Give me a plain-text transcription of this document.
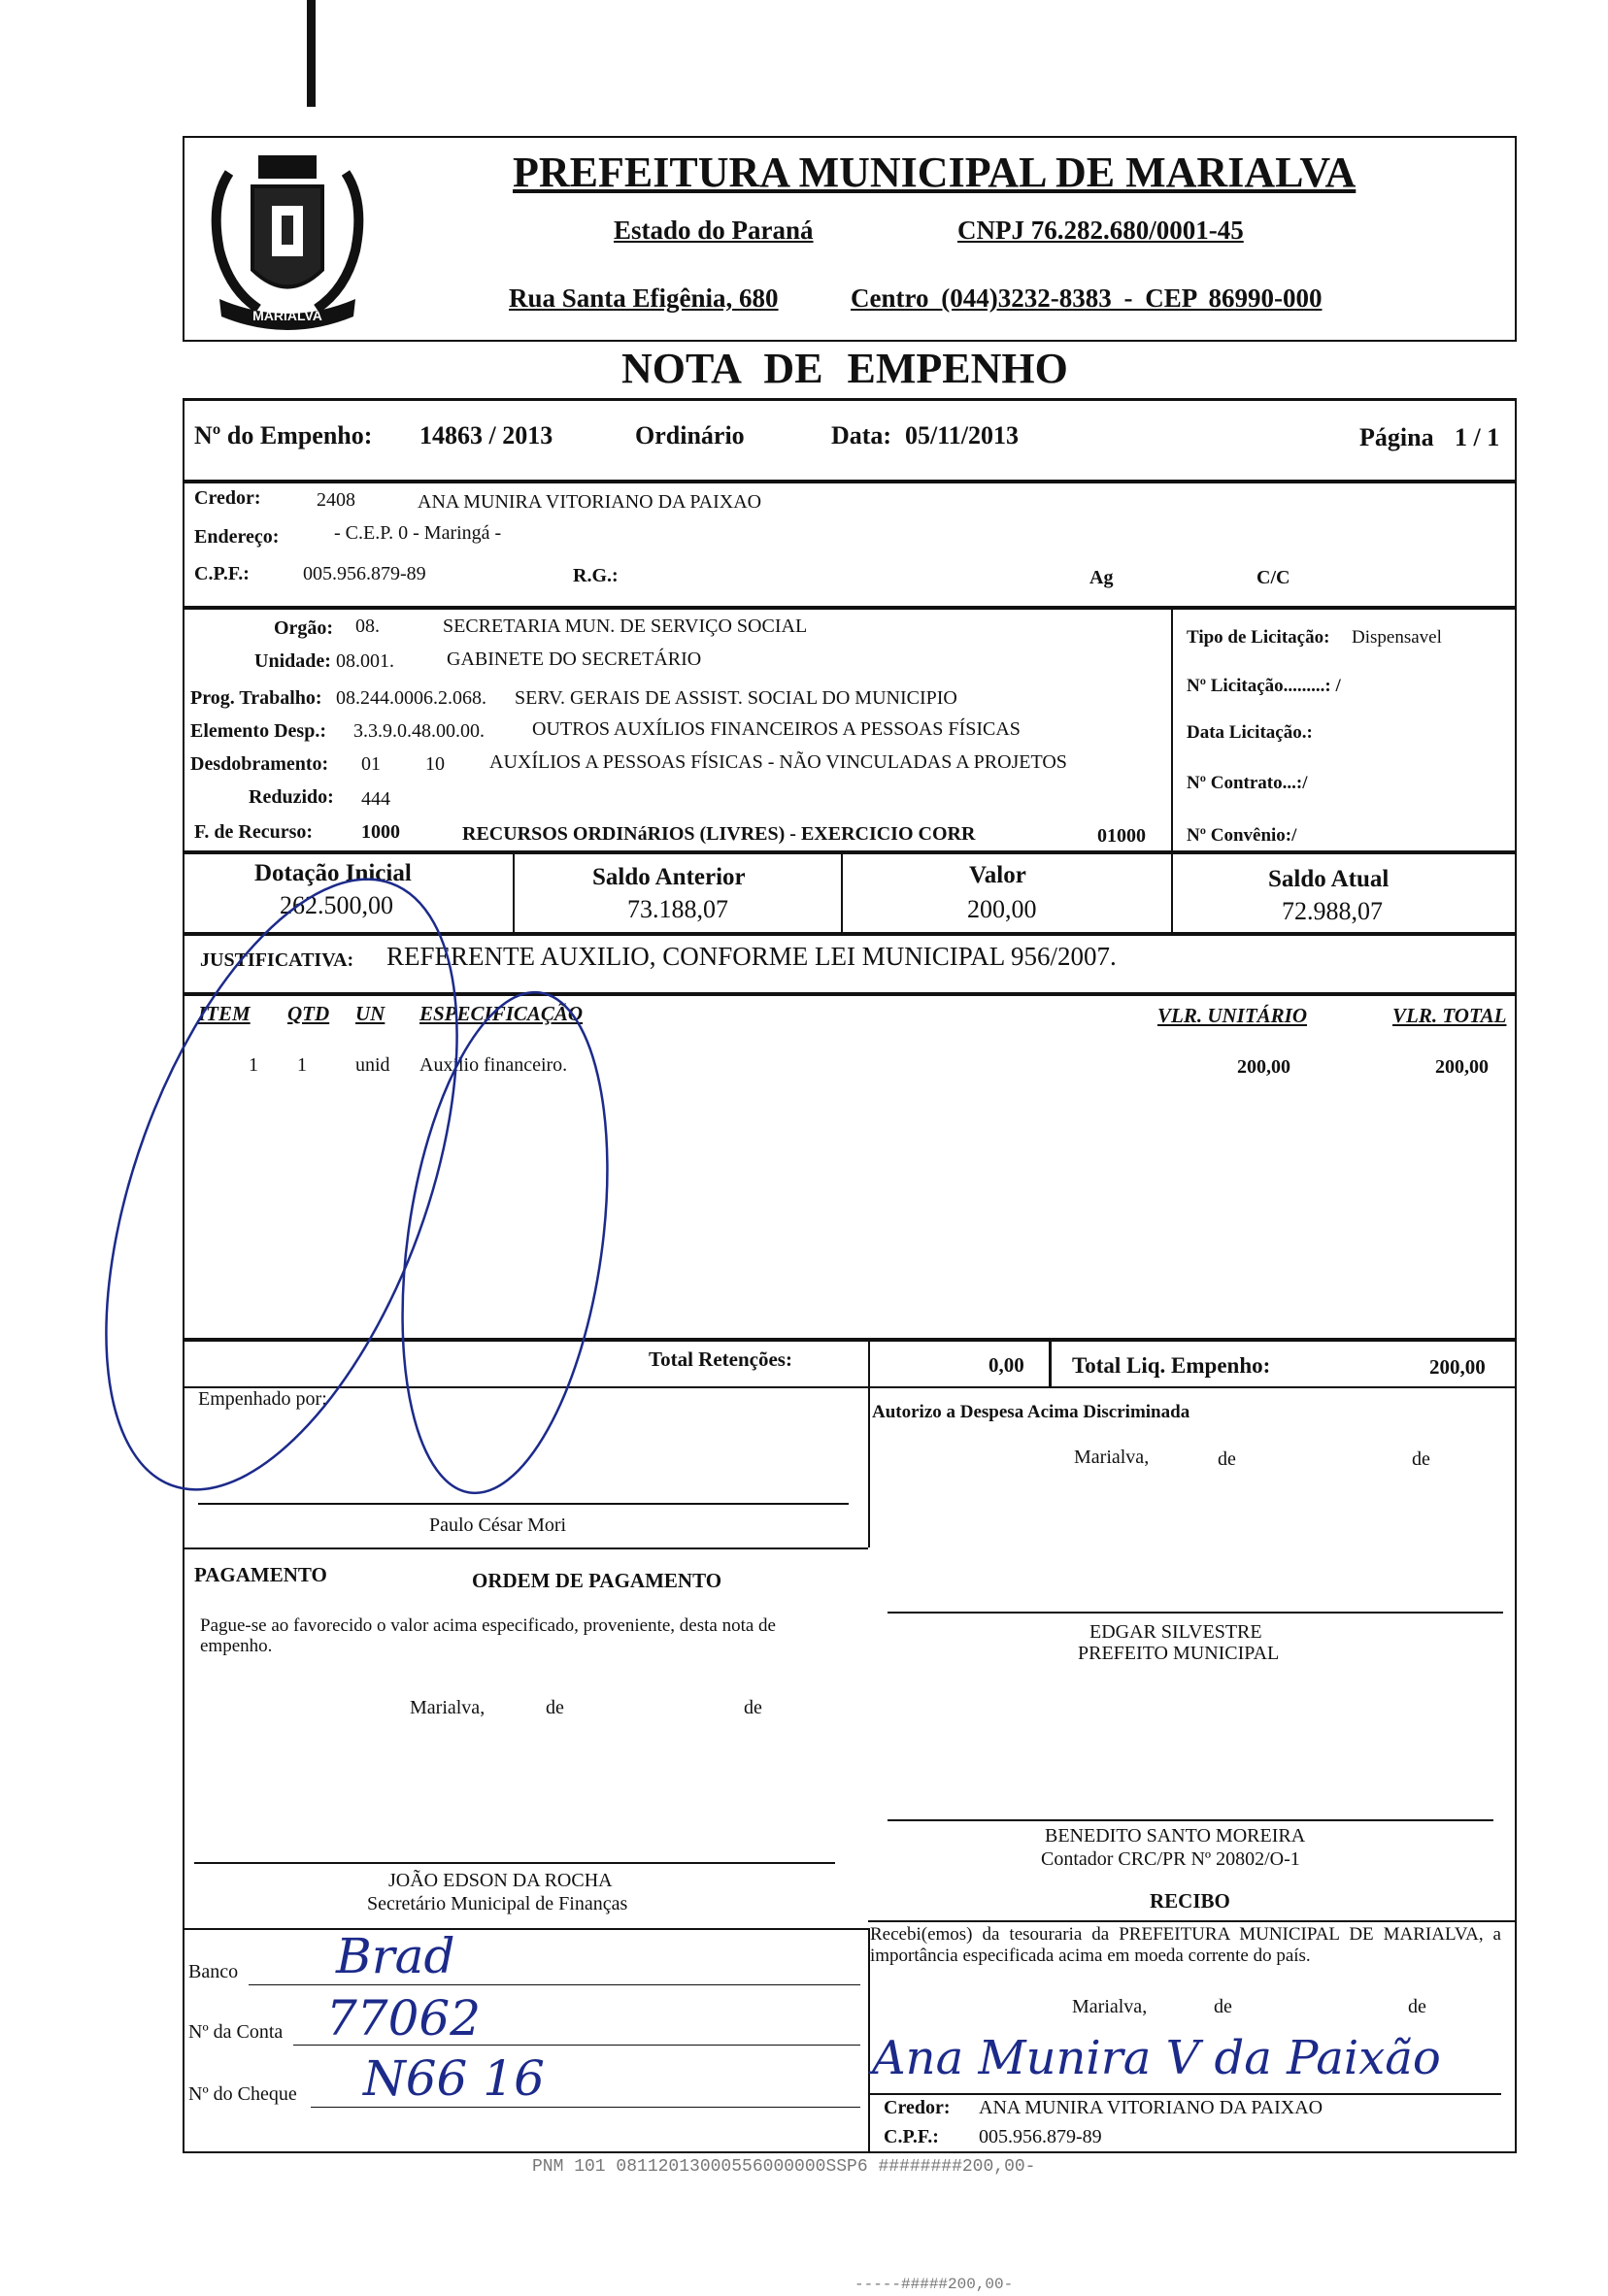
MARIALVA
PREFEITURA MUNICIPAL DE MARIALVA
Estado do Paraná	CNPJ 76.282.680/0001-45
Rua Santa Efigênia, 680	Centro (044)3232-8383 - CEP 86990-000
NOTA DE EMPENHO
Nº do Empenho: 14863 / 2013	Ordinário	Data: 05/11/2013	Página 1 / 1
Credor:	2408	ANA MUNIRA VITORIANO DA PAIXAO
Endereço:	- C.E.P. 0 - Maringá -
C.P.F.:	005.956.879-89	R.G.:	Ag	C/C
Orgão: 08.	SECRETARIA MUN. DE SERVIÇO SOCIAL
Unidade: 08.001.	GABINETE DO SECRETÁRIO
Prog. Trabalho: 08.244.0006.2.068. SERV. GERAIS DE ASSIST. SOCIAL DO MUNICIPIO
Elemento Desp.: 3.3.9.0.48.00.00. OUTROS AUXÍLIOS FINANCEIROS A PESSOAS FÍSICAS
Desdobramento: 01 10 AUXÍLIOS A PESSOAS FÍSICAS - NÃO VINCULADAS A PROJETOS
Reduzido: 444
F. de Recurso: 1000	RECURSOS ORDINáRIOS (LIVRES) - EXERCICIO CORR	01000
Tipo de Licitação: Dispensavel
Nº Licitação.........: /
Data Licitação.:
Nº Contrato...:/
Nº Convênio:/
Dotação Inicial
262.500,00
Saldo Anterior
73.188,07
Valor
200,00
Saldo Atual
72.988,07
JUSTIFICATIVA: REFERENTE AUXILIO, CONFORME LEI MUNICIPAL 956/2007.
ITEM QTD UN ESPECIFICAÇÃO	VLR. UNITÁRIO	VLR. TOTAL
1 1	unid Auxilio financeiro.	200,00	200,00
Total Retenções:	0,00 Total Liq. Empenho:	200,00
Empenhado por:
Paulo César Mori
Autorizo a Despesa Acima Discriminada
Marialva,	de	de
PAGAMENTO	ORDEM DE PAGAMENTO
Pague-se ao favorecido o valor acima especificado, proveniente, desta nota de empenho.
Marialva,	de	de
EDGAR SILVESTRE
PREFEITO MUNICIPAL
BENEDITO SANTO MOREIRA
Contador CRC/PR Nº 20802/O-1
JOÃO EDSON DA ROCHA
Secretário Municipal de Finanças
Banco Brad
Nº da Conta 77062
Nº do Cheque N66 16
RECIBO
Recebi(emos) da tesouraria da PREFEITURA MUNICIPAL DE MARIALVA, a importância especificada acima em moeda corrente do país.
Marialva,	de	de
Ana Munira V da Paixão
Credor: ANA MUNIRA VITORIANO DA PAIXAO
C.P.F.: 005.956.879-89
PNM 101 08112013000556000000SSP6 ########200,00-
-----#####200,00-
